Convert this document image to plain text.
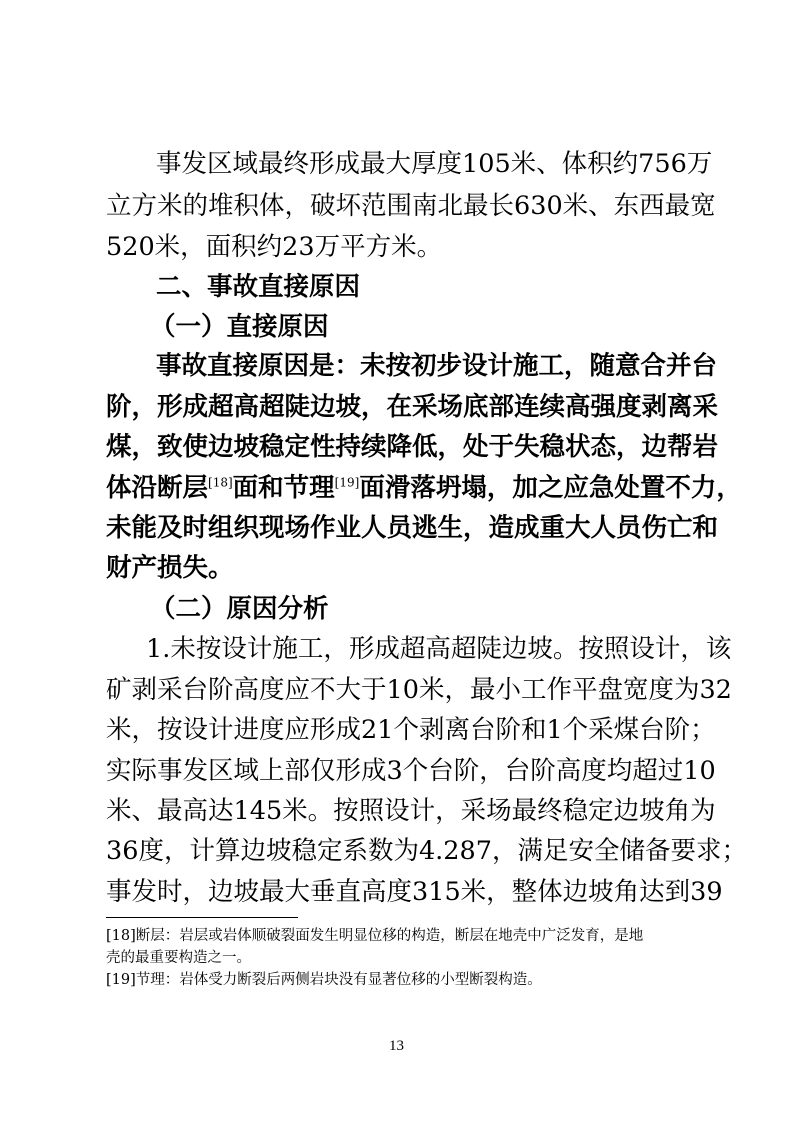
事发区域最终形成最大厚度105米、体积约756万
立方米的堆积体，破坏范围南北最长630米、东西最宽
520米，面积约23万平方米。
二、事故直接原因
（一）直接原因
事故直接原因是：未按初步设计施工，随意合并台
阶，形成超高超陡边坡，在采场底部连续高强度剥离采
煤，致使边坡稳定性持续降低，处于失稳状态，边帮岩
体沿断层[18]面和节理[19]面滑落坍塌，加之应急处置不力，
未能及时组织现场作业人员逃生，造成重大人员伤亡和
财产损失。
（二）原因分析
1.未按设计施工，形成超高超陡边坡。按照设计，该
矿剥采台阶高度应不大于10米，最小工作平盘宽度为32
米，按设计进度应形成21个剥离台阶和1个采煤台阶；
实际事发区域上部仅形成3个台阶，台阶高度均超过10
米、最高达145米。按照设计，采场最终稳定边坡角为
36度，计算边坡稳定系数为4.287，满足安全储备要求；
事发时，边坡最大垂直高度315米，整体边坡角达到39
[18]断层：岩层或岩体顺破裂面发生明显位移的构造，断层在地壳中广泛发育，是地
壳的最重要构造之一。
[19]节理：岩体受力断裂后两侧岩块没有显著位移的小型断裂构造。
13
